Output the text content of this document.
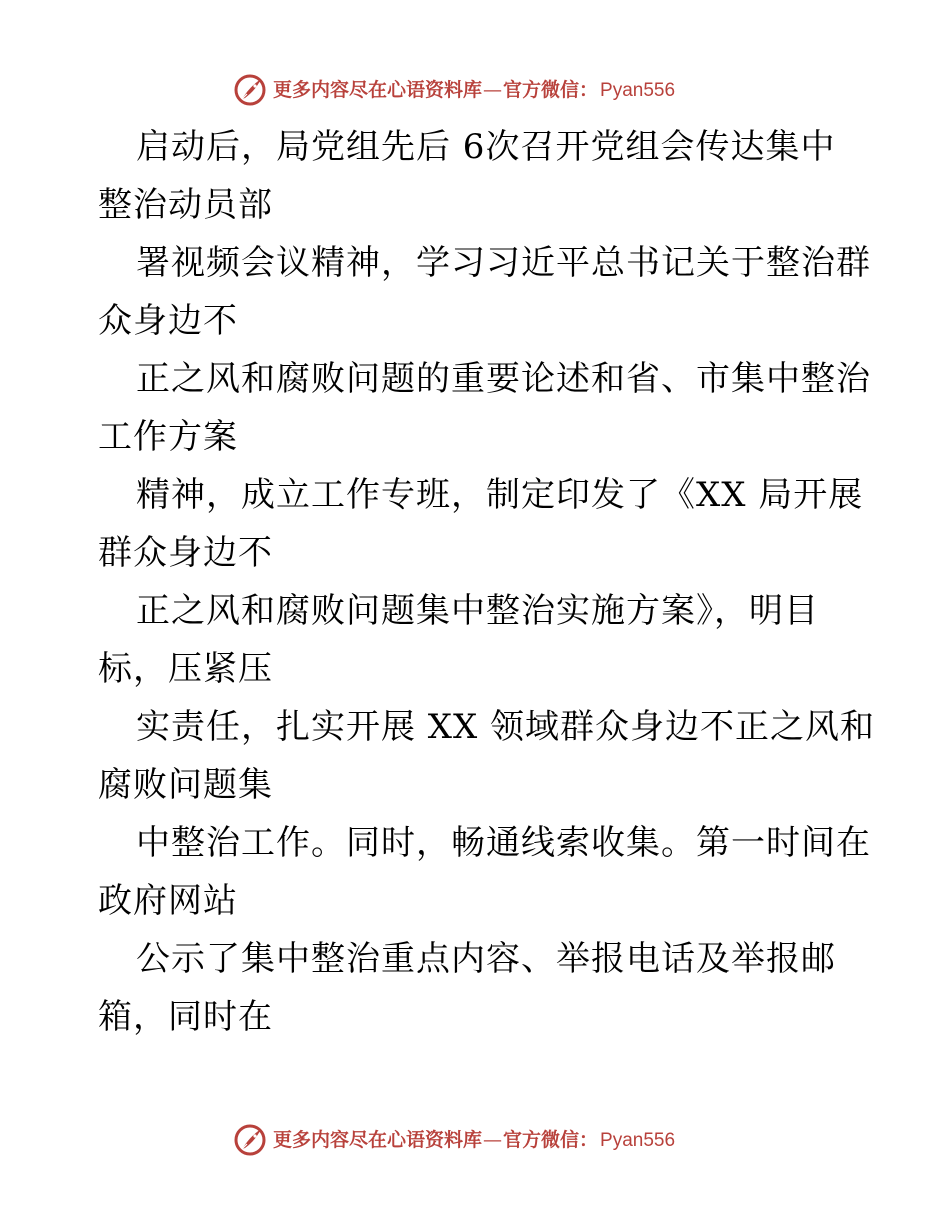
更多内容尽在心语资料库 — 官方微信： Pyan556
启动后，局党组先后 6次召开党组会传达集中
整治动员部
署视频会议精神，学习习近平总书记关于整治群
众身边不
正之风和腐败问题的重要论述和省、市集中整治
工作方案
精神，成立工作专班，制定印发了《XX 局开展
群众身边不
正之风和腐败问题集中整治实施方案》，明目
标，压紧压
实责任，扎实开展 XX 领域群众身边不正之风和
腐败问题集
中整治工作。同时，畅通线索收集。第一时间在
政府网站
公示了集中整治重点内容、举报电话及举报邮
箱，同时在
更多内容尽在心语资料库 — 官方微信： Pyan556
